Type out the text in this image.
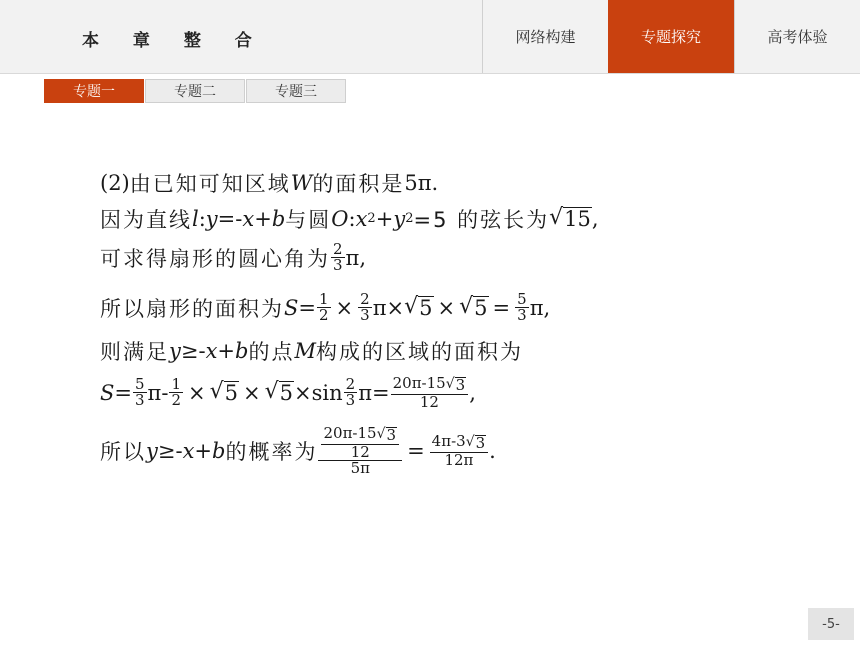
本 章 整 合	网络构建	专题探究	高考体验
专题一	专题二	专题三
(2) 由已知可知区域 W 的面积是 5π.
因为直线 l : y =- x + b 与圆 O : x 2 + y 2 =5 的弦长为 √ 15 ,
可求得扇形的圆心角为 $\frac{2}{3} \pi$,
所以扇形的面积为 $S = \frac{1}{2} \times \frac{2}{3} \pi\times$ √ 5 × √ $5 = \frac{5}{3} \pi$,
则满足 y ≥- x + b 的点 M 构成的区域的面积为
$S = \frac{5}{3} \pi- \frac{1}{2}$ × √ 5 × √ $5 \times\sin \frac{2}{3} \pi= \frac{20\pi-15 √ 3}{12}$ ,
所以 y ≥- x + b 的概率为 $\frac{\frac{20\pi-15 √ 3}{12}}{5\pi} = \frac{4\pi-3 √ 3}{12\pi}$ .
-5-
